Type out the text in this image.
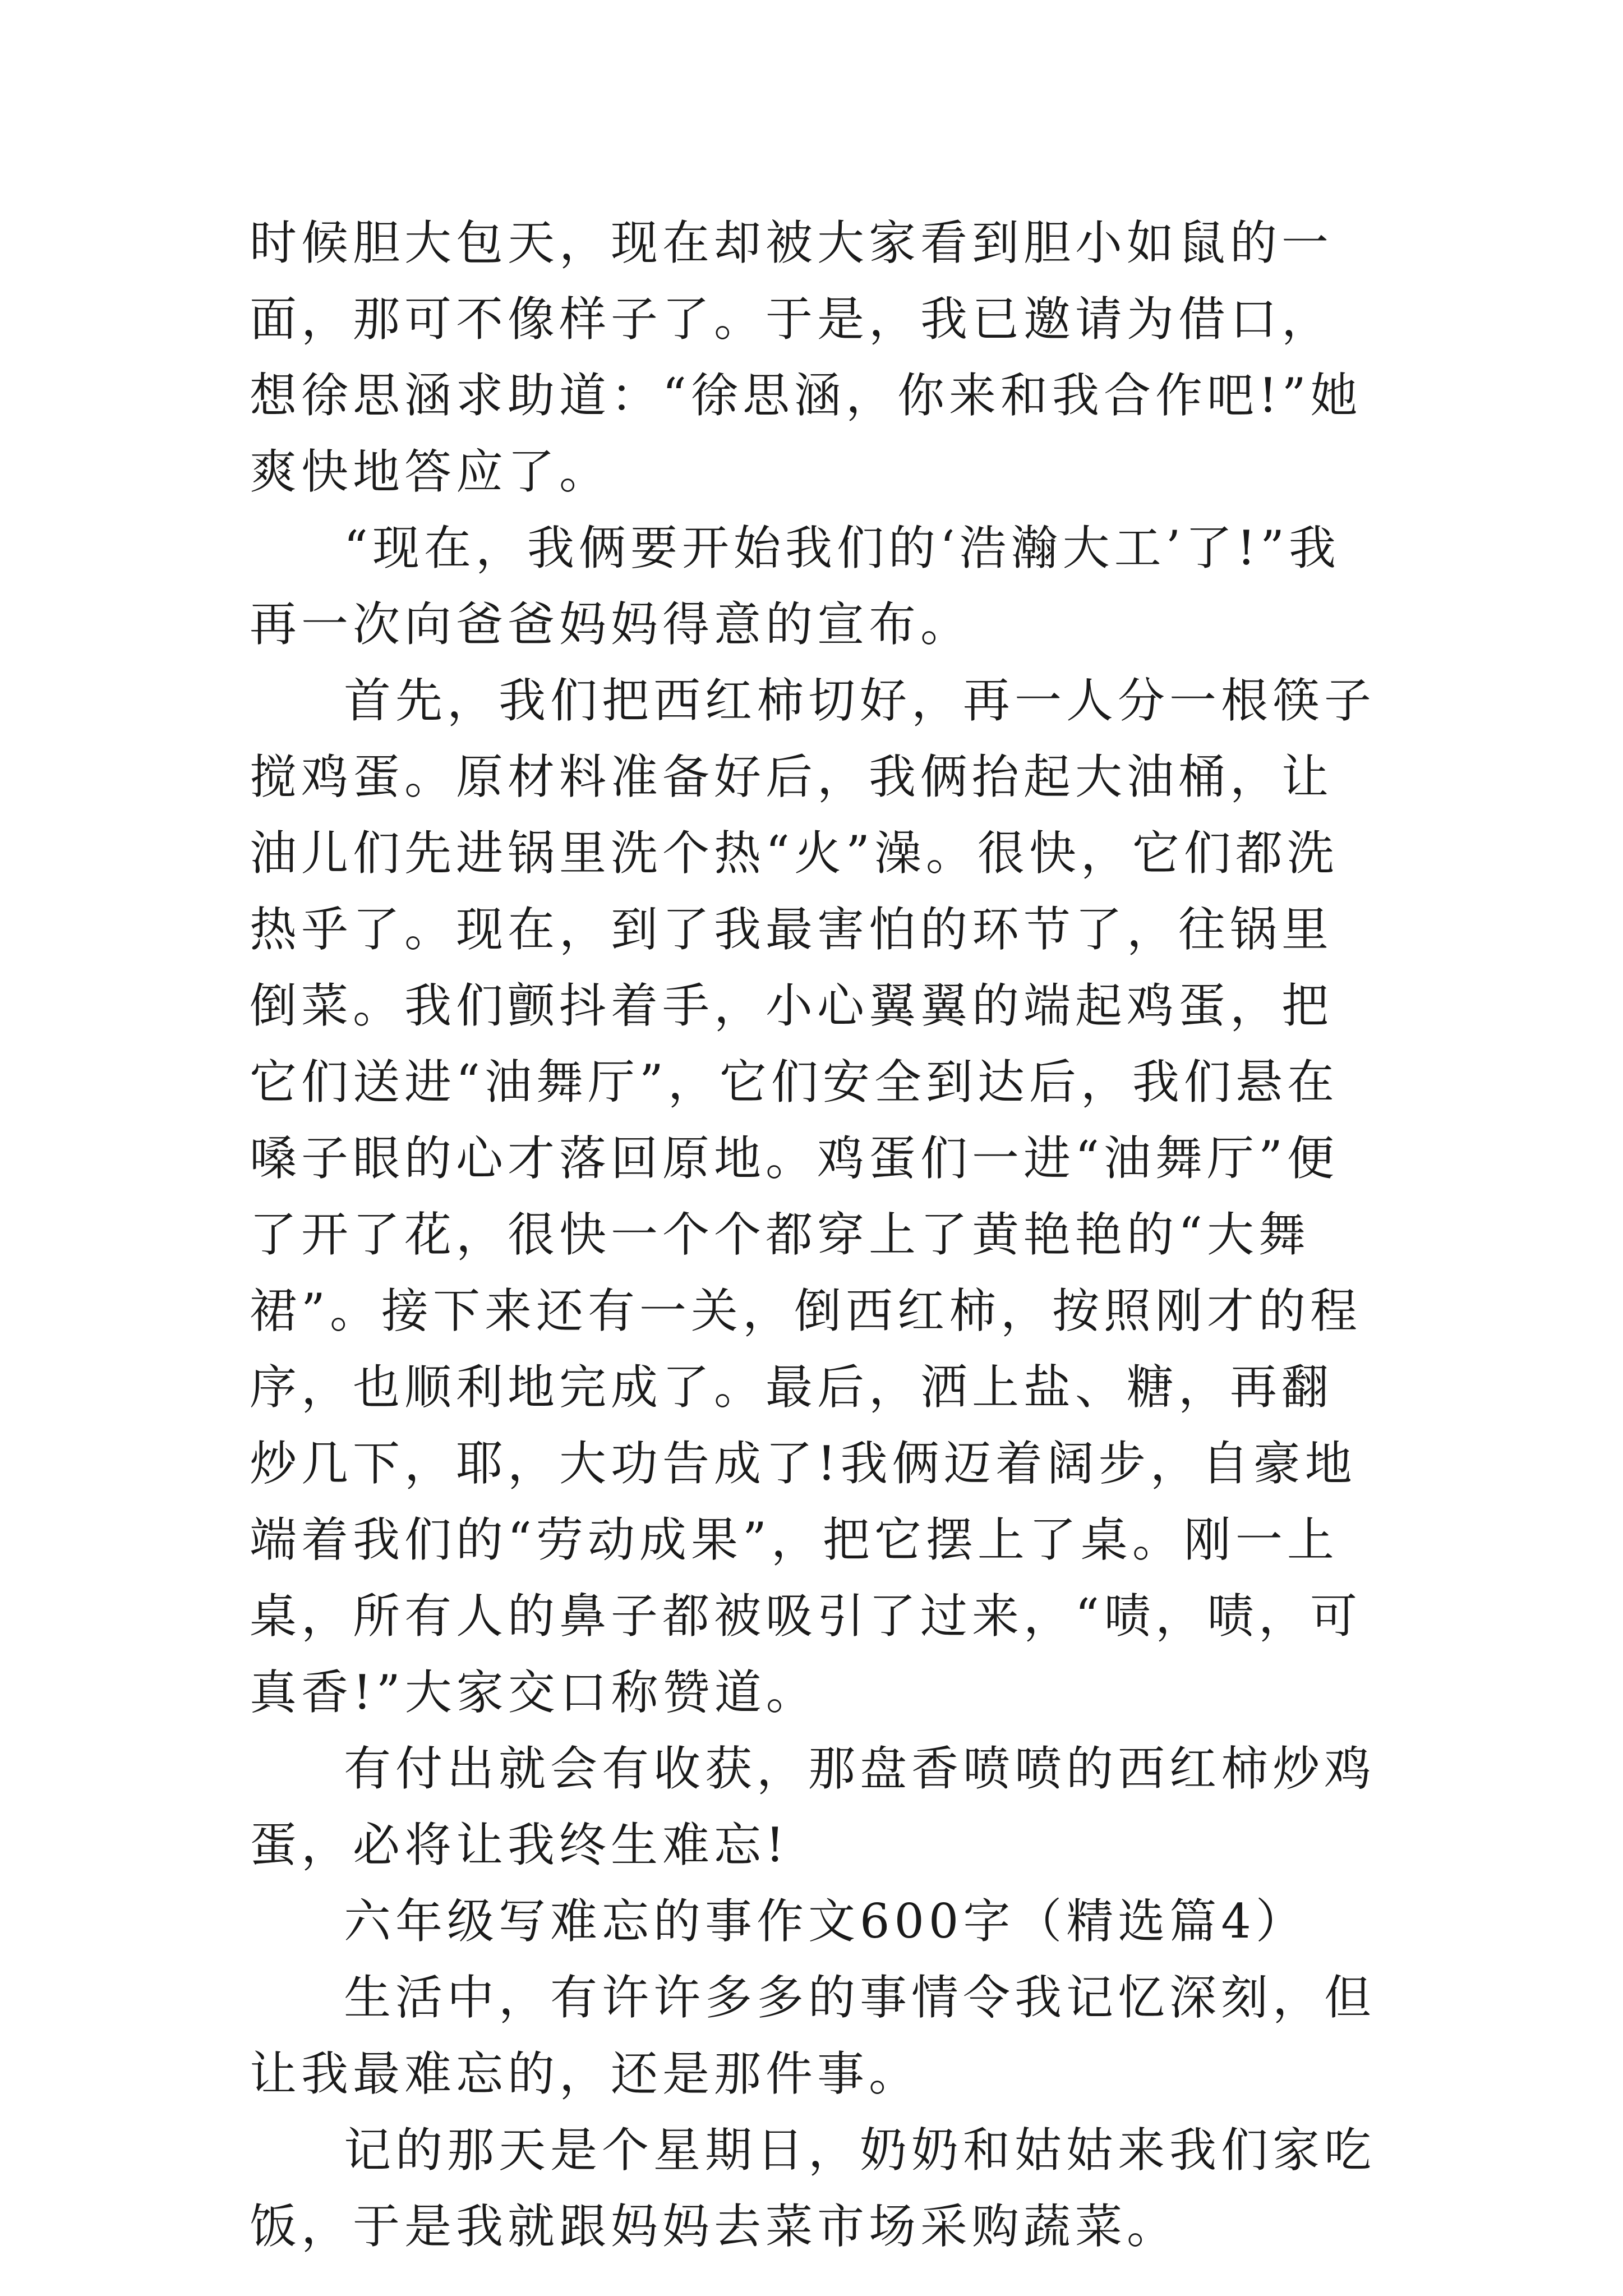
时候胆大包天，现在却被大家看到胆小如鼠的一面，那可不像样子了。于是，我已邀请为借口，想徐思涵求助道：“徐思涵，你来和我合作吧!”她爽快地答应了。

“现在，我俩要开始我们的‘浩瀚大工’了!”我再一次向爸爸妈妈得意的宣布。

首先，我们把西红柿切好，再一人分一根筷子搅鸡蛋。原材料准备好后，我俩抬起大油桶，让油儿们先进锅里洗个热“火”澡。很快，它们都洗热乎了。现在，到了我最害怕的环节了，往锅里倒菜。我们颤抖着手，小心翼翼的端起鸡蛋，把它们送进“油舞厅”，它们安全到达后，我们悬在嗓子眼的心才落回原地。鸡蛋们一进“油舞厅”便了开了花，很快一个个都穿上了黄艳艳的“大舞裙”。接下来还有一关，倒西红柿，按照刚才的程序，也顺利地完成了。最后，洒上盐、糖，再翻炒几下，耶，大功告成了!我俩迈着阔步，自豪地端着我们的“劳动成果”，把它摆上了桌。刚一上桌，所有人的鼻子都被吸引了过来，“啧，啧，可真香!”大家交口称赞道。

有付出就会有收获，那盘香喷喷的西红柿炒鸡蛋，必将让我终生难忘!

六年级写难忘的事作文600字（精选篇4）

生活中，有许许多多的事情令我记忆深刻，但让我最难忘的，还是那件事。

记的那天是个星期日，奶奶和姑姑来我们家吃饭，于是我就跟妈妈去菜市场采购蔬菜。
